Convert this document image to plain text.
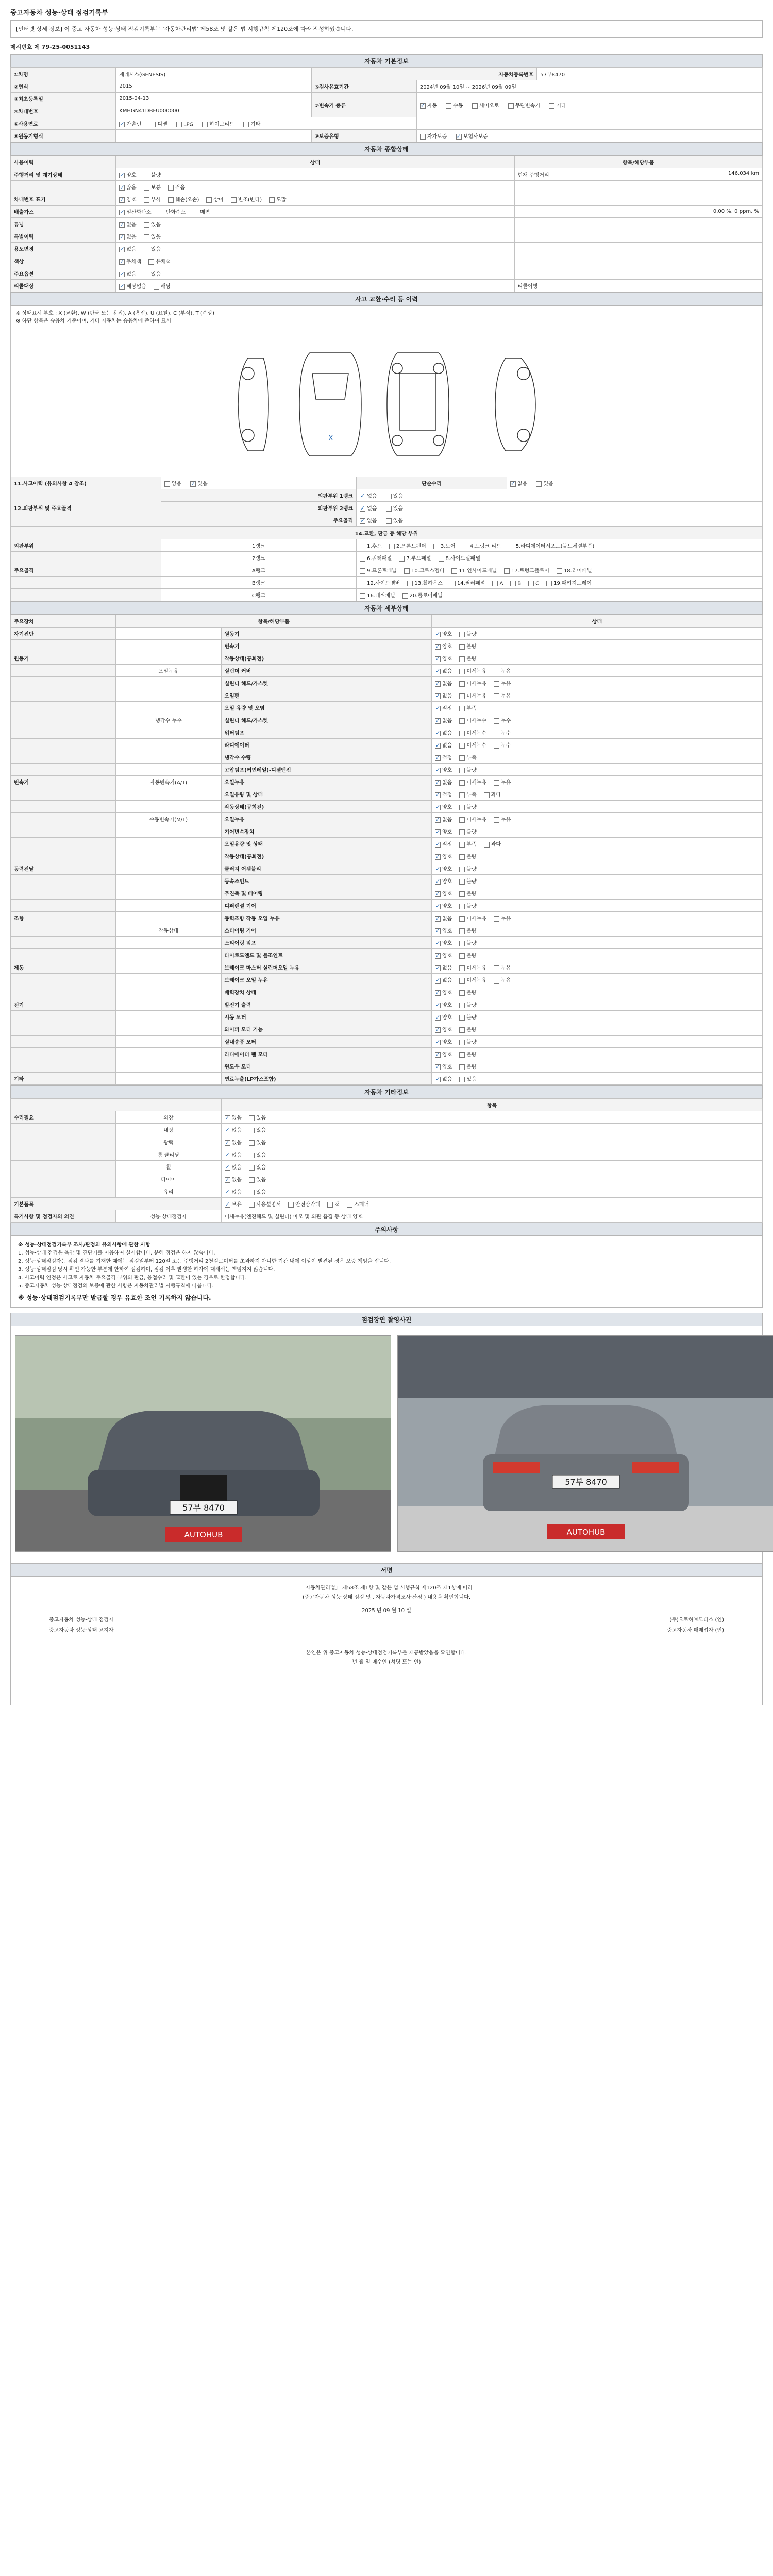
중고자동차 성능·상태 점검기록부
[인터넷 상세 정보] 이 중고 자동차 성능·상태 점검기록부는 '자동차관리법' 제58조 및 같은 법 시행규칙 제120조에 따라 작성하였습니다.
제시번호 제 79-25-0051143
자동차 기본정보
①차명	제네시스(GENESIS)	자동차등록번호		57부8470
②연식	2015	⑤검사유효기간	2024년 09월 10일 ~ 2026년 09월 09일	
③최초등록일	2015-04-13	⑦변속기 종류	✓자동 수동 세미오토 무단변속기 기타
④차대번호	KMHGN41DBFU000000			
⑥사용연료	✓가솔린 디젤 LPG 하이브리드 기타	
⑧원동기형식		⑨보증유형	자가보증 ✓ 보험사보증
자동차 종합상태
사용이력	상태	항목/해당부품
주행거리 및 계기상태	✓양호 불량	현재 주행거리 146,034 km

	✓많음 보통 적음	

차대번호 표기	✓양호 부식 훼손(오손) 상이 변조(변타) 도말	

배출가스	✓일산화탄소 탄화수소 매연	0.00 %, 0 ppm, %

튜닝	✓없음 있음	

특별이력	✓없음 있음	

용도변경	✓없음 있음	

색상	✓무채색 유채색	

주요옵션	✓없음 있음	

리콜대상	✓해당없음 해당	리콜이행
사고 교환·수리 등 이력
※ 상태표시 부호 : X (교환), W (판금 또는 용접), A (흠집), U (요철), C (부식), T (손상)
※ 하단 항목은 승용차 기준이며, 기타 자동차는 승용차에 준하여 표시
X
11.사고이력 (유의사항 4 참조)	없음 ✓ 있음	단순수리	✓없음 있음
12.외판부위 및 주요골격	외판부위 1랭크	✓없음 있음
	외판부위 2랭크	✓없음 있음
	주요골격	✓없음 있음
14.교환, 판금 등 해당 부위		
외판부위	1랭크	1.후드 2.프론트펜더 3.도어 4.트렁크 리드 5.라디에이터서포트(볼트체결부품)
	2랭크	6.쿼터패널 7.루프패널 8.사이드실패널
주요골격	A랭크	9.프론트패널 10.크로스멤버 11.인사이드패널 17.트렁크플로어 18.리어패널
	B랭크	12.사이드멤버 13.휠하우스 14.필러패널 A B C 19.패키지트레이
	C랭크	16.대쉬패널 20.플로어패널
자동차 세부상태
주요장치	항목/해당부품		상태
자기진단		원동기	✓양호 불량
		변속기	✓양호 불량
원동기		작동상태(공회전)	✓양호 불량
	오일누유	실린더 커버	✓없음 미세누유 누유
		실린더 헤드/가스켓	✓없음 미세누유 누유
		오일팬	✓없음 미세누유 누유
		오일 유량 및 오염	✓적정 부족
	냉각수 누수	실린더 헤드/가스켓	✓없음 미세누수 누수
		워터펌프	✓없음 미세누수 누수
		라디에이터	✓없음 미세누수 누수
		냉각수 수량	✓적정 부족
		고압펌프(커먼레일)-디젤엔진	✓양호 불량
변속기	자동변속기(A/T)	오일누유	✓없음 미세누유 누유
		오일유량 및 상태	✓적정 부족 과다
		작동상태(공회전)	✓양호 불량
	수동변속기(M/T)	오일누유	✓없음 미세누유 누유
		기어변속장치	✓양호 불량
		오일유량 및 상태	✓적정 부족 과다
		작동상태(공회전)	✓양호 불량
동력전달		클러치 어셈블리	✓양호 불량
		등속조인트	✓양호 불량
		추진축 및 베어링	✓양호 불량
		디퍼렌셜 기어	✓양호 불량
조향		동력조향 작동 오일 누유	✓없음 미세누유 누유
	작동상태	스티어링 기어	✓양호 불량
		스티어링 펌프	✓양호 불량
		타이로드엔드 및 볼조인트	✓양호 불량
제동		브레이크 마스터 실린더오일 누유	✓없음 미세누유 누유
		브레이크 오일 누유	✓없음 미세누유 누유
		배력장치 상태	✓양호 불량
전기		발전기 출력	✓양호 불량
		시동 모터	✓양호 불량
		와이퍼 모터 기능	✓양호 불량
		실내송풍 모터	✓양호 불량
		라디에이터 팬 모터	✓양호 불량
		윈도우 모터	✓양호 불량
기타		연료누출(LP가스포함)	✓없음 있음
자동차 기타정보
		항목
수리필요	외장	✓없음 있음
	내장	✓없음 있음
	광택	✓없음 있음
	룸 클리닝	✓없음 있음
	휠	✓없음 있음
	타이어	✓없음 있음
	유리	✓없음 있음
기본품목	✓보유 사용설명서 안전삼각대 잭 스패너
특기사항 및 점검자의 의견	성능·상태점검자	미세누유(엔진헤드 및 실린더) 마모 및 외관 흠집 등 상태 양호
주의사항
※ 성능·상태점검기록부 조사/판정의 유의사항에 관한 사항
1. 성능·상태 점검은 육안 및 진단기를 이용하여 실시합니다. 분해 점검은 하지 않습니다.
2. 성능·상태점검자는 점검 결과를 기재한 때에는 점검일부터 120일 또는 주행거리 2천킬로미터를 초과하지 아니한 기간 내에 이상이 발견된 경우 보증 책임을 집니다.
3. 성능·상태점검 당시 확인 가능한 부분에 한하여 점검하며, 점검 이후 발생한 하자에 대해서는 책임지지 않습니다.
4. 사고이력 인정은 사고로 자동차 주요골격 부위의 판금, 용접수리 및 교환이 있는 경우로 한정합니다.
5. 중고자동차 성능·상태점검의 보증에 관한 사항은 자동차관리법 시행규칙에 따릅니다.
※ 성능·상태점검기록부만 발급할 경우 유효한 조언 기록하지 않습니다.
점검장면 촬영사진
57부 8470
AUTOHUB
57부 8470
AUTOHUB
서명
「자동차관리법」 제58조 제1항 및 같은 법 시행규칙 제120조 제1항에 따라
(중고자동차 성능·상태 점검 및 , 자동차가격조사·산정 ) 내용을 확인합니다.
2025 년 09 월 10 일
중고자동차 성능·상태 점검자	(주)오토허브모터스 (인)
중고자동차 성능·상태 고지자	중고자동차 매매업자 (인)
본인은 위 중고자동차 성능·상태점검기록부를 제공받았음을 확인합니다.
년 월 일 매수인 (서명 또는 인)
